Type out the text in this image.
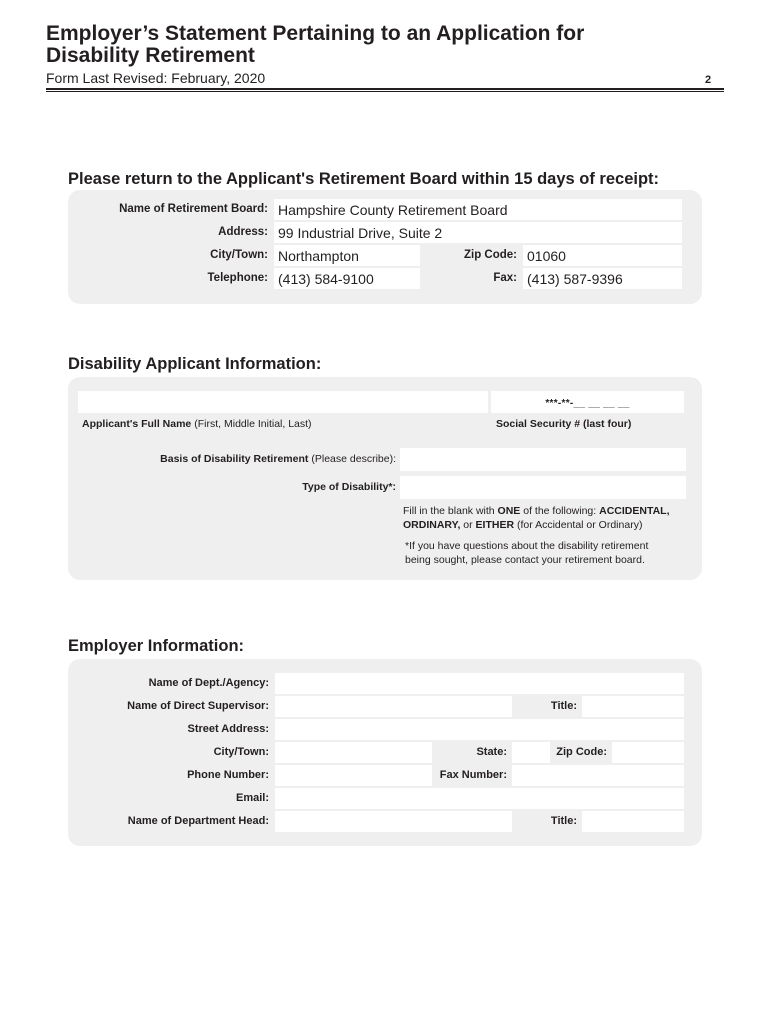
Employer’s Statement Pertaining to an Application for Disability Retirement
Form Last Revised: February, 2020	2
Please return to the Applicant's Retirement Board within 15 days of receipt:
Name of Retirement Board:
Hampshire County Retirement Board
Address:
99 Industrial Drive, Suite 2
City/Town:
Northampton	Zip Code:
01060
Telephone:
(413) 584-9100	Fax:
(413) 587-9396
Disability Applicant Information:
***-**-__ __ __ __
Applicant's Full Name (First, Middle Initial, Last)	Social Security # (last four)
Basis of Disability Retirement (Please describe):
Type of Disability*:
Fill in the blank with ONE of the following: ACCIDENTAL,
ORDINARY, or EITHER (for Accidental or Ordinary)
*If you have questions about the disability retirement being sought, please contact your retirement board.
Employer Information:
Name of Dept./Agency:
Name of Direct Supervisor:	Title:
Street Address:
City/Town:	State:	Zip Code:
Phone Number:	Fax Number:
Email:
Name of Department Head:	Title:
